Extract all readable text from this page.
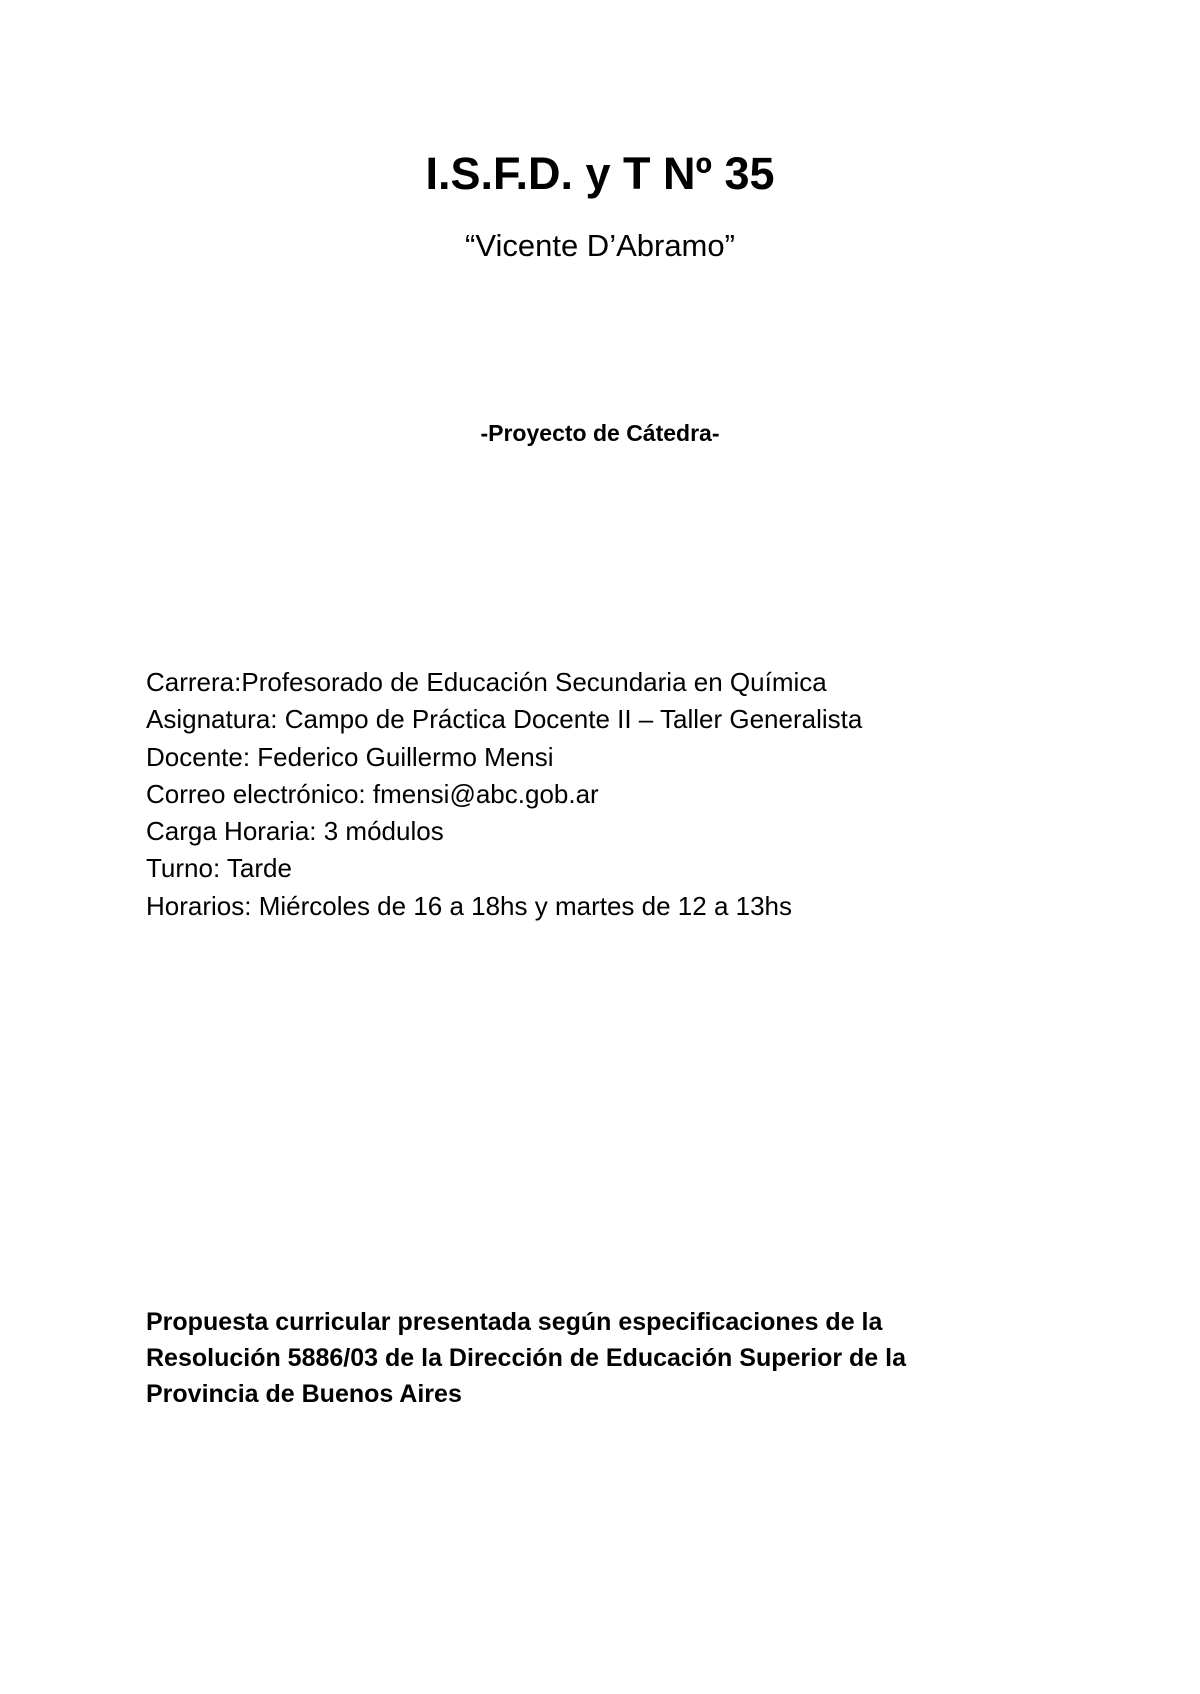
I.S.F.D. y T Nº 35
“Vicente D’Abramo”
-Proyecto de Cátedra-
Carrera:Profesorado de Educación Secundaria en Química
Asignatura: Campo de Práctica Docente II – Taller Generalista
Docente: Federico Guillermo Mensi
Correo electrónico: fmensi@abc.gob.ar
Carga Horaria: 3 módulos
Turno: Tarde
Horarios: Miércoles de 16 a 18hs y martes de 12 a 13hs
Propuesta curricular presentada según especificaciones de la
Resolución 5886/03 de la Dirección de Educación Superior de la
Provincia de Buenos Aires
